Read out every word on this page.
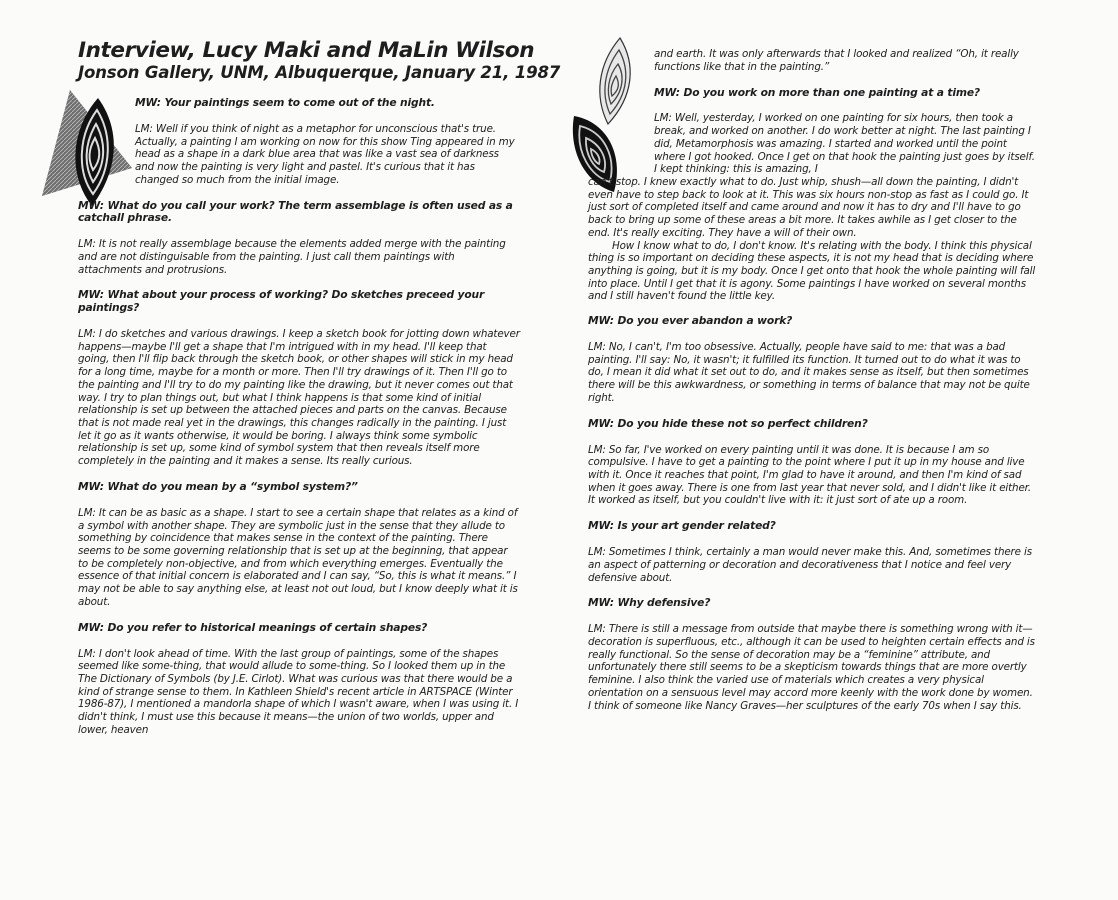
Interview, Lucy Maki and MaLin Wilson
Jonson Gallery, UNM, Albuquerque, January 21, 1987

MW: Your paintings seem to come out of the night.

LM: Well if you think of night as a metaphor for unconscious that's true. Actually, a painting I am working on now for this show Ting appeared in my head as a shape in a dark blue area that was like a vast sea of darkness and now the painting is very light and pastel. It's curious that it has changed so much from the initial image.

MW: What do you call your work? The term assemblage is often used as a catchall phrase.

LM: It is not really assemblage because the elements added merge with the painting and are not distinguisable from the painting. I just call them paintings with attachments and protrusions.

MW: What about your process of working? Do sketches preceed your paintings?

LM: I do sketches and various drawings. I keep a sketch book for jotting down whatever happens—maybe I'll get a shape that I'm intrigued with in my head. I'll keep that going, then I'll flip back through the sketch book, or other shapes will stick in my head for a long time, maybe for a month or more. Then I'll try drawings of it. Then I'll go to the painting and I'll try to do my painting like the drawing, but it never comes out that way. I try to plan things out, but what I think happens is that some kind of initial relationship is set up between the attached pieces and parts on the canvas. Because that is not made real yet in the drawings, this changes radically in the painting. I just let it go as it wants otherwise, it would be boring. I always think some symbolic relationship is set up, some kind of symbol system that then reveals itself more completely in the painting and it makes a sense. Its really curious.

MW: What do you mean by a “symbol system?”

LM: It can be as basic as a shape. I start to see a certain shape that relates as a kind of a symbol with another shape. They are symbolic just in the sense that they allude to something by coincidence that makes sense in the context of the painting. There seems to be some governing relationship that is set up at the beginning, that appear to be completely non-objective, and from which everything emerges. Eventually the essence of that initial concern is elaborated and I can say, “So, this is what it means.” I may not be able to say anything else, at least not out loud, but I know deeply what it is about.

MW: Do you refer to historical meanings of certain shapes?

LM: I don't look ahead of time. With the last group of paintings, some of the shapes seemed like some-thing, that would allude to some-thing. So I looked them up in the The Dictionary of Symbols (by J.E. Cirlot). What was curious was that there would be a kind of strange sense to them. In Kathleen Shield's recent article in ARTSPACE (Winter 1986-87), I mentioned a mandorla shape of which I wasn't aware, when I was using it. I didn't think, I must use this because it means—the union of two worlds, upper and lower, heaven

and earth. It was only afterwards that I looked and realized “Oh, it really functions like that in the painting.”

MW: Do you work on more than one painting at a time?

LM: Well, yesterday, I worked on one painting for six hours, then took a break, and worked on another. I do work better at night. The last painting I did, Metamorphosis was amazing. I started and worked until the point where I got hooked. Once I get on that hook the painting just goes by itself. I kept thinking: this is amazing, I

can't stop. I knew exactly what to do. Just whip, shush—all down the painting, I didn't even have to step back to look at it. This was six hours non-stop as fast as I could go. It just sort of completed itself and came around and now it has to dry and I'll have to go back to bring up some of these areas a bit more. It takes awhile as I get closer to the end. It's really exciting. They have a will of their own.

How I know what to do, I don't know. It's relating with the body. I think this physical thing is so important on deciding these aspects, it is not my head that is deciding where anything is going, but it is my body. Once I get onto that hook the whole painting will fall into place. Until I get that it is agony. Some paintings I have worked on several months and I still haven't found the little key.

MW: Do you ever abandon a work?

LM: No, I can't, I'm too obsessive. Actually, people have said to me: that was a bad painting. I'll say: No, it wasn't; it fulfilled its function. It turned out to do what it was to do, I mean it did what it set out to do, and it makes sense as itself, but then sometimes there will be this awkwardness, or something in terms of balance that may not be quite right.

MW: Do you hide these not so perfect children?

LM: So far, I've worked on every painting until it was done. It is because I am so compulsive. I have to get a painting to the point where I put it up in my house and live with it. Once it reaches that point, I'm glad to have it around, and then I'm kind of sad when it goes away. There is one from last year that never sold, and I didn't like it either. It worked as itself, but you couldn't live with it: it just sort of ate up a room.

MW: Is your art gender related?

LM: Sometimes I think, certainly a man would never make this. And, sometimes there is an aspect of patterning or decoration and decorativeness that I notice and feel very defensive about.

MW: Why defensive?

LM: There is still a message from outside that maybe there is something wrong with it—decoration is superfluous, etc., although it can be used to heighten certain effects and is really functional. So the sense of decoration may be a “feminine” attribute, and unfortunately there still seems to be a skepticism towards things that are more overtly feminine. I also think the varied use of materials which creates a very physical orientation on a sensuous level may accord more keenly with the work done by women. I think of someone like Nancy Graves—her sculptures of the early 70s when I say this.
